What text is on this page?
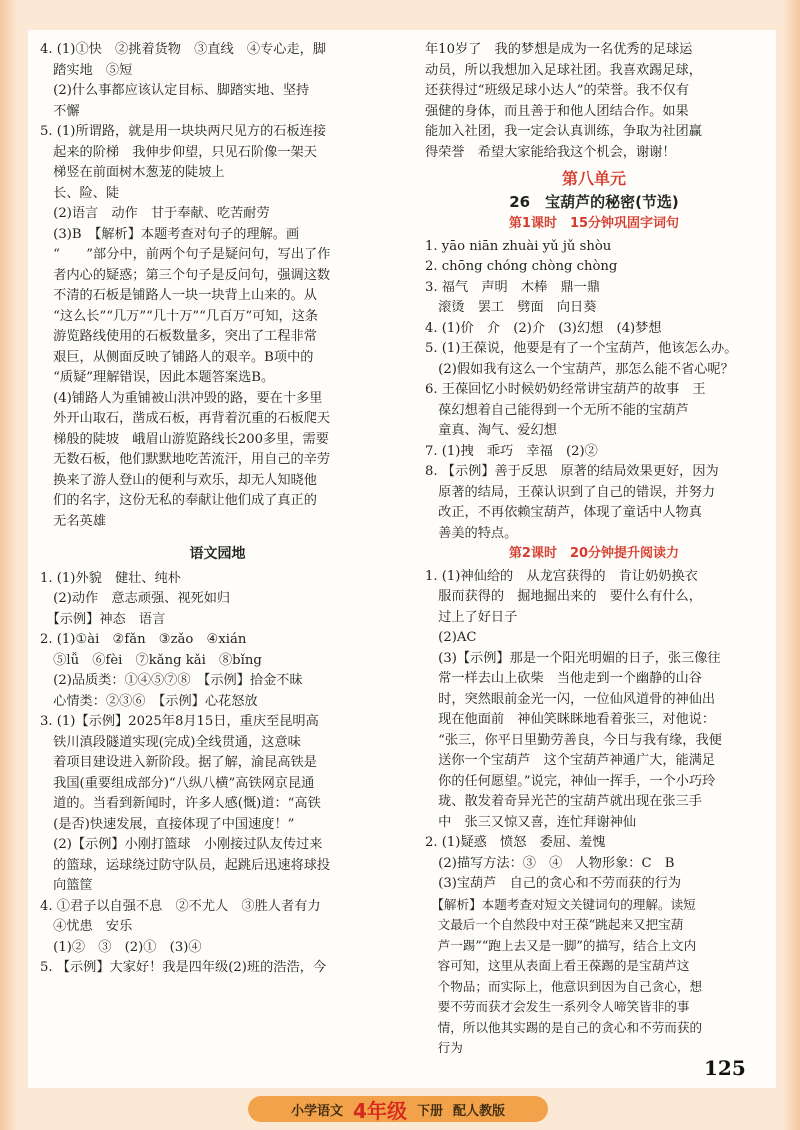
4. (1)①快　②挑着货物　③直线　④专心走，脚
　踏实地　⑤短
　(2)什么事都应该认定目标、脚踏实地、坚持
　不懈
5. (1)所谓路，就是用一块块两尺见方的石板连接
　起来的阶梯　我伸步仰望，只见石阶像一架天
　梯竖在前面树木葱茏的陡坡上
　长、险、陡
　(2)语言　动作　甘于奉献、吃苦耐劳
　(3)B　【解析】本题考查对句子的理解。画
　“　　”部分中，前两个句子是疑问句，写出了作
　者内心的疑惑；第三个句子是反问句，强调这数
　不清的石板是铺路人一块一块背上山来的。从
　“这么长”“几万”“几十万”“几百万”可知，这条
　游览路线使用的石板数量多，突出了工程非常
　艰巨，从侧面反映了铺路人的艰辛。B项中的
　“质疑”理解错误，因此本题答案选B。
　(4)铺路人为重铺被山洪冲毁的路，要在十多里
　外开山取石，凿成石板，再背着沉重的石板爬天
　梯般的陡坡　峨眉山游览路线长200多里，需要
　无数石板，他们默默地吃苦流汗，用自己的辛劳
　换来了游人登山的便利与欢乐，却无人知晓他
　们的名字，这份无私的奉献让他们成了真正的
　无名英雄
语文园地
1. (1)外貌　健壮、纯朴
　(2)动作　意志顽强、视死如归
　【示例】神态　语言
2. (1)①ài　②fǎn　③zǎo　④xián
　⑤lǚ　⑥fèi　⑦kǎng kǎi　⑧bǐng
　(2)品质类：①④⑤⑦⑧　【示例】拾金不昧
　心情类：②③⑥　【示例】心花怒放
3. (1)【示例】2025年8月15日，重庆至昆明高
　铁川滇段隧道实现(完成)全线贯通，这意味
　着项目建设进入新阶段。据了解，渝昆高铁是
　我国(重要组成部分)“八纵八横”高铁网京昆通
　道的。当看到新闻时，许多人感(慨)道：“高铁
　(是否)快速发展，直接体现了中国速度！”
　(2)【示例】小刚打篮球　小刚接过队友传过来
　的篮球，运球绕过防守队员，起跳后迅速将球投
　向篮筐
4. ①君子以自强不息　②不尤人　③胜人者有力
　④忧患　安乐
　(1)②　③　(2)①　(3)④
5. 【示例】大家好！我是四年级(2)班的浩浩，今
年10岁了　我的梦想是成为一名优秀的足球运
动员，所以我想加入足球社团。我喜欢踢足球，
还获得过“班级足球小达人”的荣誉。我不仅有
强健的身体，而且善于和他人团结合作。如果
能加入社团，我一定会认真训练，争取为社团赢
得荣誉　希望大家能给我这个机会，谢谢！
第八单元
26　宝葫芦的秘密(节选)
第1课时　15分钟巩固字词句
1. yāo niān zhuài yǔ jǔ shòu
2. chōng chóng chòng chòng
3. 福气　声明　木棒　鼎一鼎
　滚烫　罢工　劈面　向日葵
4. (1)价　介　(2)介　(3)幻想　(4)梦想
5. (1)王葆说，他要是有了一个宝葫芦，他该怎么办。
　(2)假如我有这么一个宝葫芦，那怎么能不省心呢？
6. 王葆回忆小时候奶奶经常讲宝葫芦的故事　王
　葆幻想着自己能得到一个无所不能的宝葫芦
　童真、淘气、爱幻想
7. (1)拽　乖巧　幸福　(2)②
8. 【示例】善于反思　原著的结局效果更好，因为
　原著的结局，王葆认识到了自己的错误，并努力
　改正，不再依赖宝葫芦，体现了童话中人物真
　善美的特点。
第2课时　20分钟提升阅读力
1. (1)神仙给的　从龙宫获得的　肯让奶奶换衣
　服而获得的　掘地掘出来的　要什么有什么，
　过上了好日子
　(2)AC
　(3)【示例】那是一个阳光明媚的日子，张三像往
　常一样去山上砍柴　当他走到一个幽静的山谷
　时，突然眼前金光一闪，一位仙风道骨的神仙出
　现在他面前　神仙笑眯眯地看着张三，对他说：
　“张三，你平日里勤劳善良，今日与我有缘，我便
　送你一个宝葫芦　这个宝葫芦神通广大，能满足
　你的任何愿望。”说完，神仙一挥手，一个小巧玲
　珑、散发着奇异光芒的宝葫芦就出现在张三手
　中　张三又惊又喜，连忙拜谢神仙
2. (1)疑惑　愤怒　委屈、羞愧
　(2)描写方法：③　④　人物形象：C　B
　(3)宝葫芦　自己的贪心和不劳而获的行为
　【解析】本题考查对短文关键词句的理解。读短
　文最后一个自然段中对王葆“跳起来又把宝葫
　芦一踢”“跑上去又是一脚”的描写，结合上文内
　容可知，这里从表面上看王葆踢的是宝葫芦这
　个物品；而实际上，他意识到因为自己贪心，想
　要不劳而获才会发生一系列令人啼笑皆非的事
　情，所以他其实踢的是自己的贪心和不劳而获的
　行为
125
小学语文 4年级 下册 配人教版
